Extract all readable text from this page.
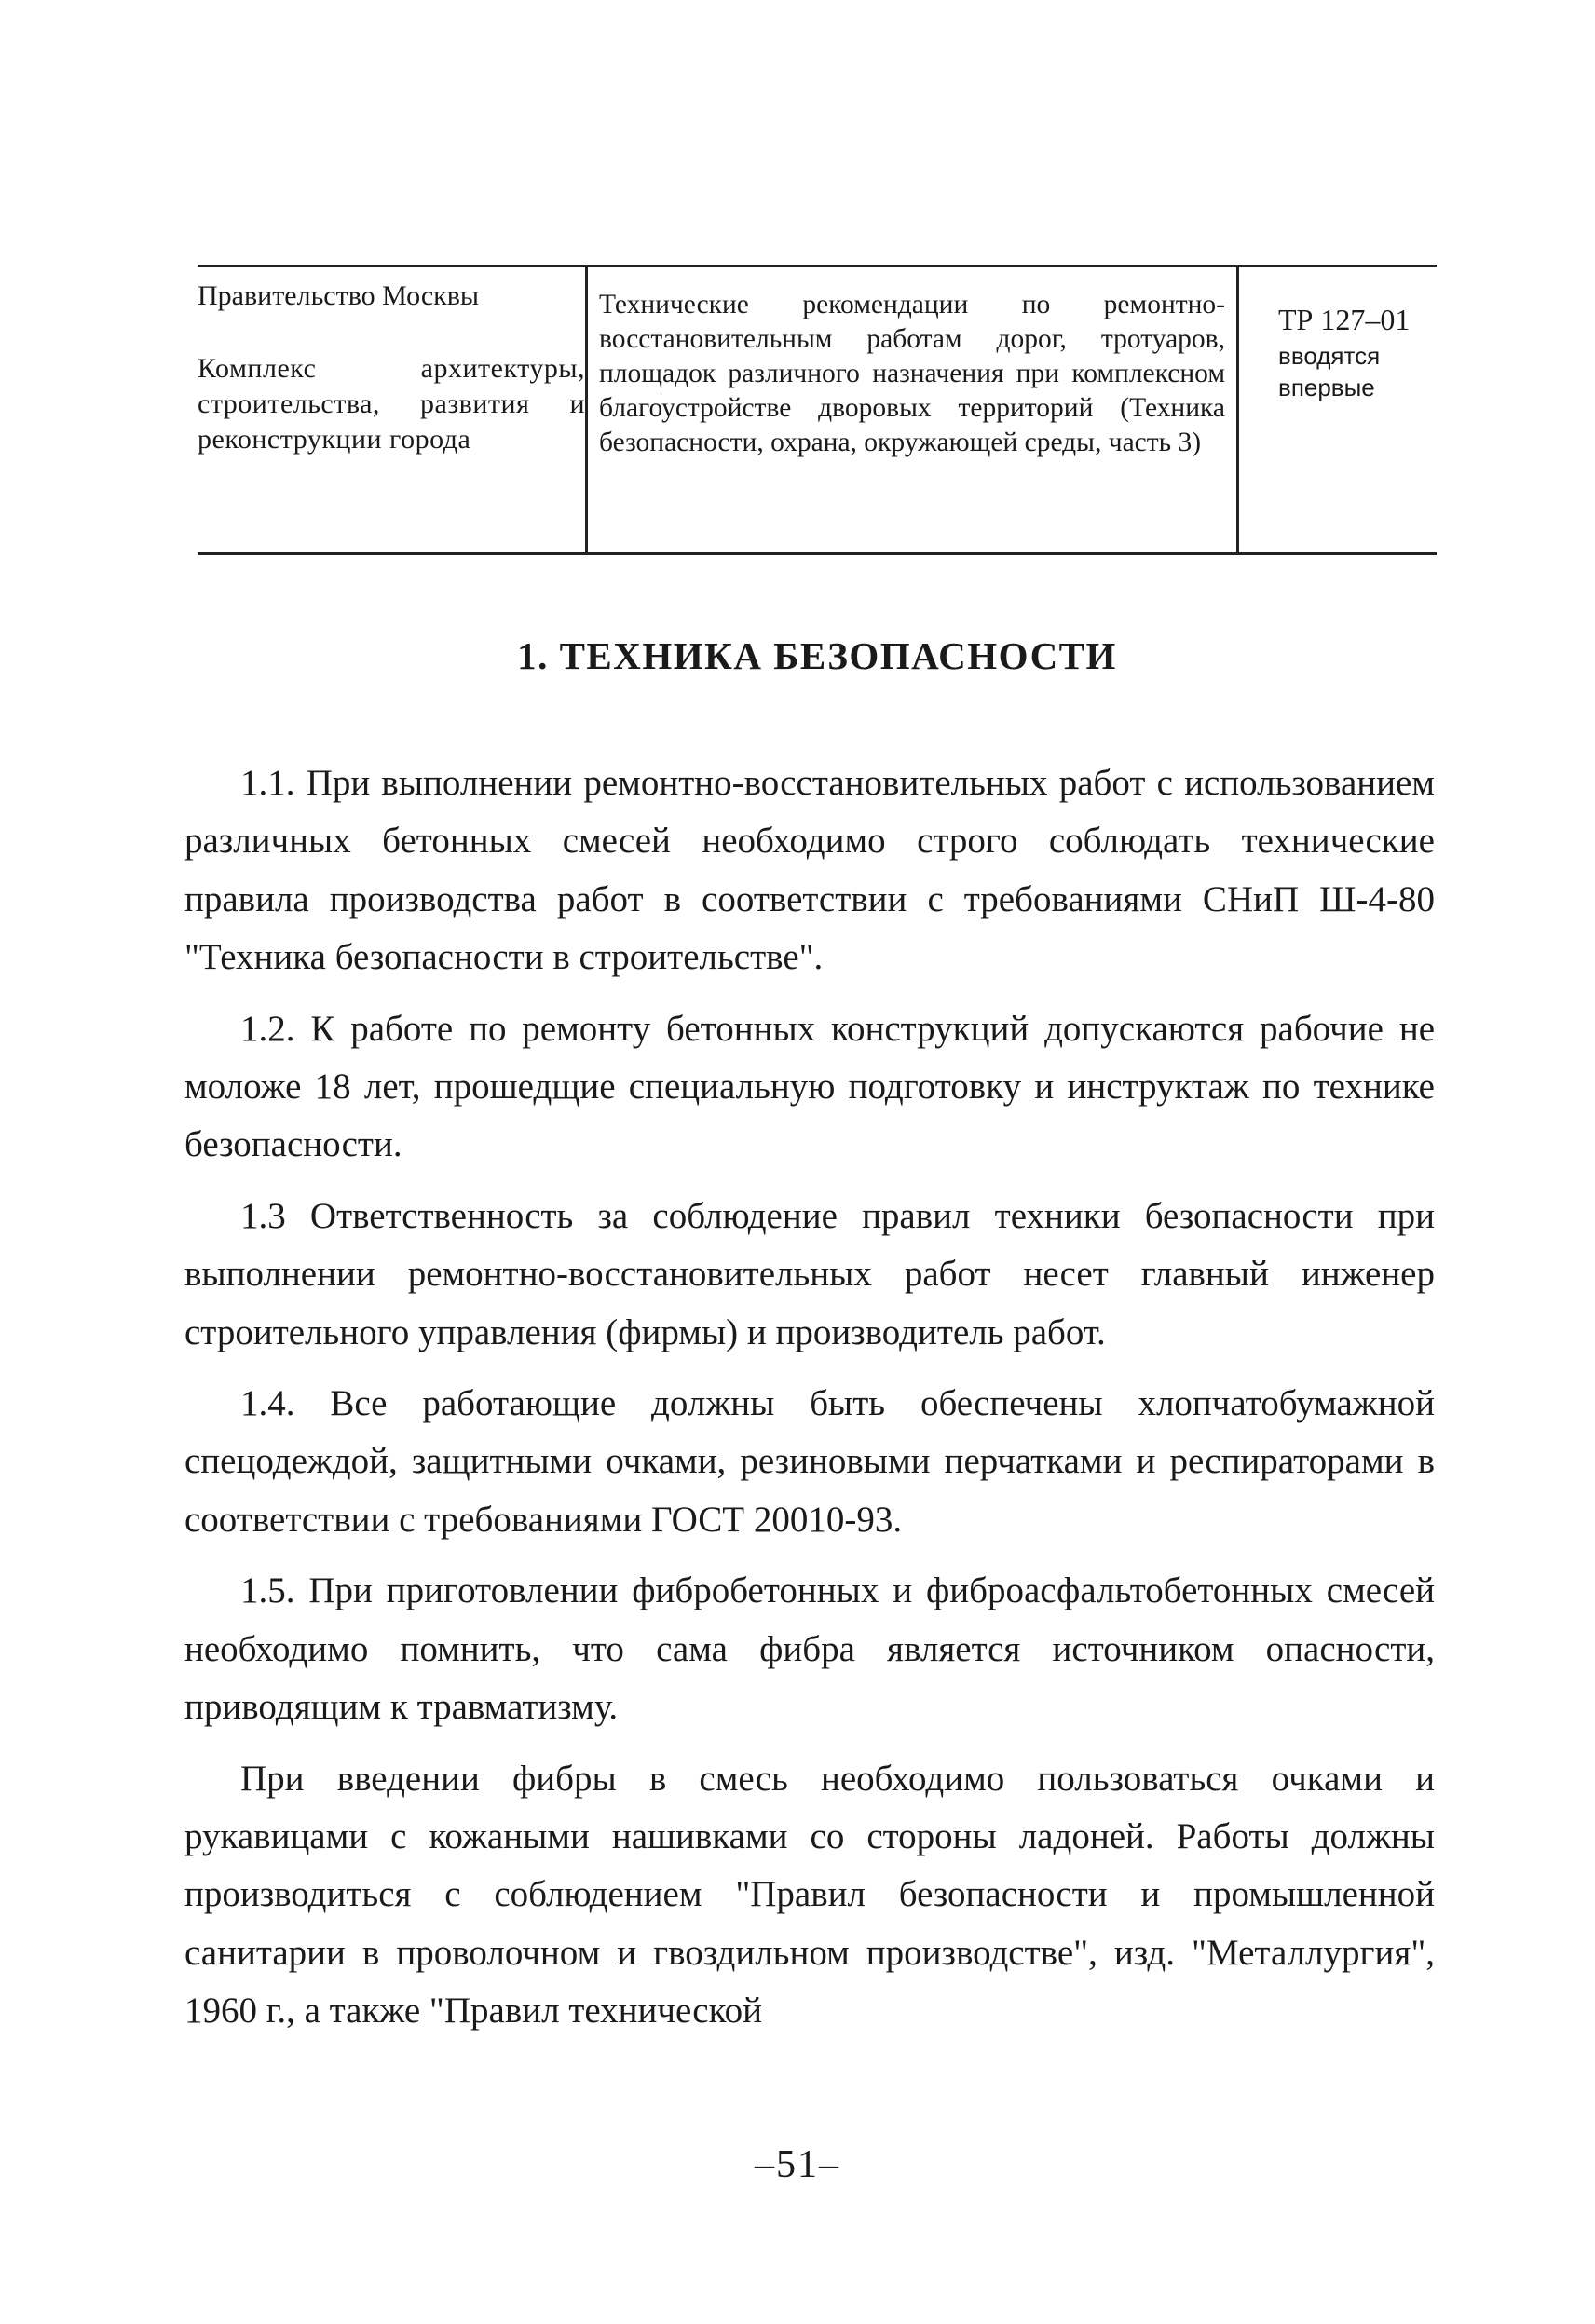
Правительство Москвы

Комплекс архитектуры, строительства, развития и реконструкции города

Технические рекомендации по ремонтно-восстановительным работам дорог, тротуаров, площадок различного назначения при комплексном благоустройстве дворовых территорий (Техника безопасности, охрана, окружающей среды, часть 3)

ТР 127–01

вводятся впервые

1. ТЕХНИКА БЕЗОПАСНОСТИ

1.1. При выполнении ремонтно-восстановительных работ с использованием различных бетонных смесей необходимо строго соблюдать технические правила производства работ в соответствии с требованиями СНиП Ш-4-80 "Техника безопасности в строительстве".

1.2. К работе по ремонту бетонных конструкций допускаются рабочие не моложе 18 лет, прошедщие специальную подготовку и инструктаж по технике безопасности.

1.3 Ответственность за соблюдение правил техники безопасности при выполнении ремонтно-восстановительных работ несет главный инженер строительного управления (фирмы) и производитель работ.

1.4. Все работающие должны быть обеспечены хлопчатобумажной спецодеждой, защитными очками, резиновыми перчатками и респираторами в соответствии с требованиями ГОСТ 20010-93.

1.5. При приготовлении фибробетонных и фиброасфальтобетонных смесей необходимо помнить, что сама фибра является источником опасности, приводящим к травматизму.

При введении фибры в смесь необходимо пользоваться очками и рукавицами с кожаными нашивками со стороны ладоней. Работы должны производиться с соблюдением "Правил безопасности и промышленной санитарии в проволочном и гвоздильном производстве", изд. "Металлургия", 1960 г., а также "Правил технической

–51–
